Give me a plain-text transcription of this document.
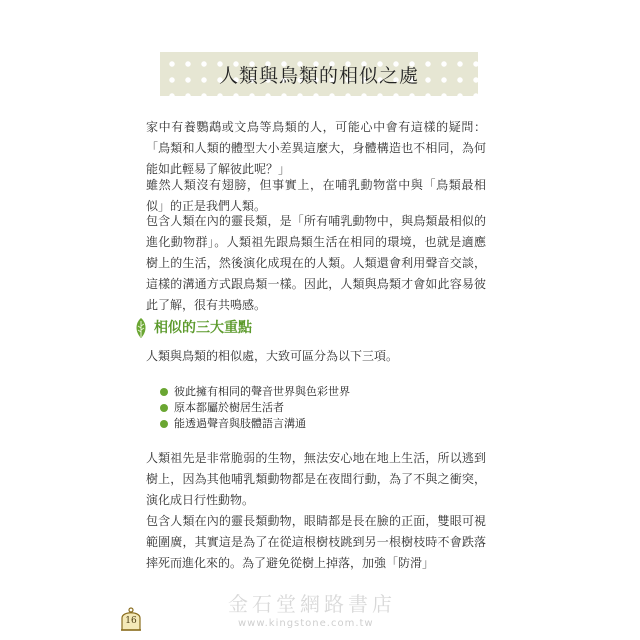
人類與鳥類的相似之處

家中有養鸚鵡或文鳥等鳥類的人，可能心中會有這樣的疑問：「鳥類和人類的體型大小差異這麼大，身體構造也不相同，為何能如此輕易了解彼此呢？」

雖然人類沒有翅膀，但事實上，在哺乳動物當中與「鳥類最相似」的正是我們人類。

包含人類在內的靈長類，是「所有哺乳動物中，與鳥類最相似的進化動物群」。人類祖先跟鳥類生活在相同的環境，也就是適應樹上的生活，然後演化成現在的人類。人類還會利用聲音交談，這樣的溝通方式跟鳥類一樣。因此，人類與鳥類才會如此容易彼此了解，很有共鳴感。

相似的三大重點

人類與鳥類的相似處，大致可區分為以下三項。

彼此擁有相同的聲音世界與色彩世界
原本都屬於樹居生活者
能透過聲音與肢體語言溝通

人類祖先是非常脆弱的生物，無法安心地在地上生活，所以逃到樹上，因為其他哺乳類動物都是在夜間行動，為了不與之衝突，演化成日行性動物。

包含人類在內的靈長類動物，眼睛都是長在臉的正面，雙眼可視範圍廣，其實這是為了在從這根樹枝跳到另一根樹枝時不會跌落摔死而進化來的。為了避免從樹上掉落，加強「防滑」

16
金石堂網路書店
www.kingstone.com.tw
